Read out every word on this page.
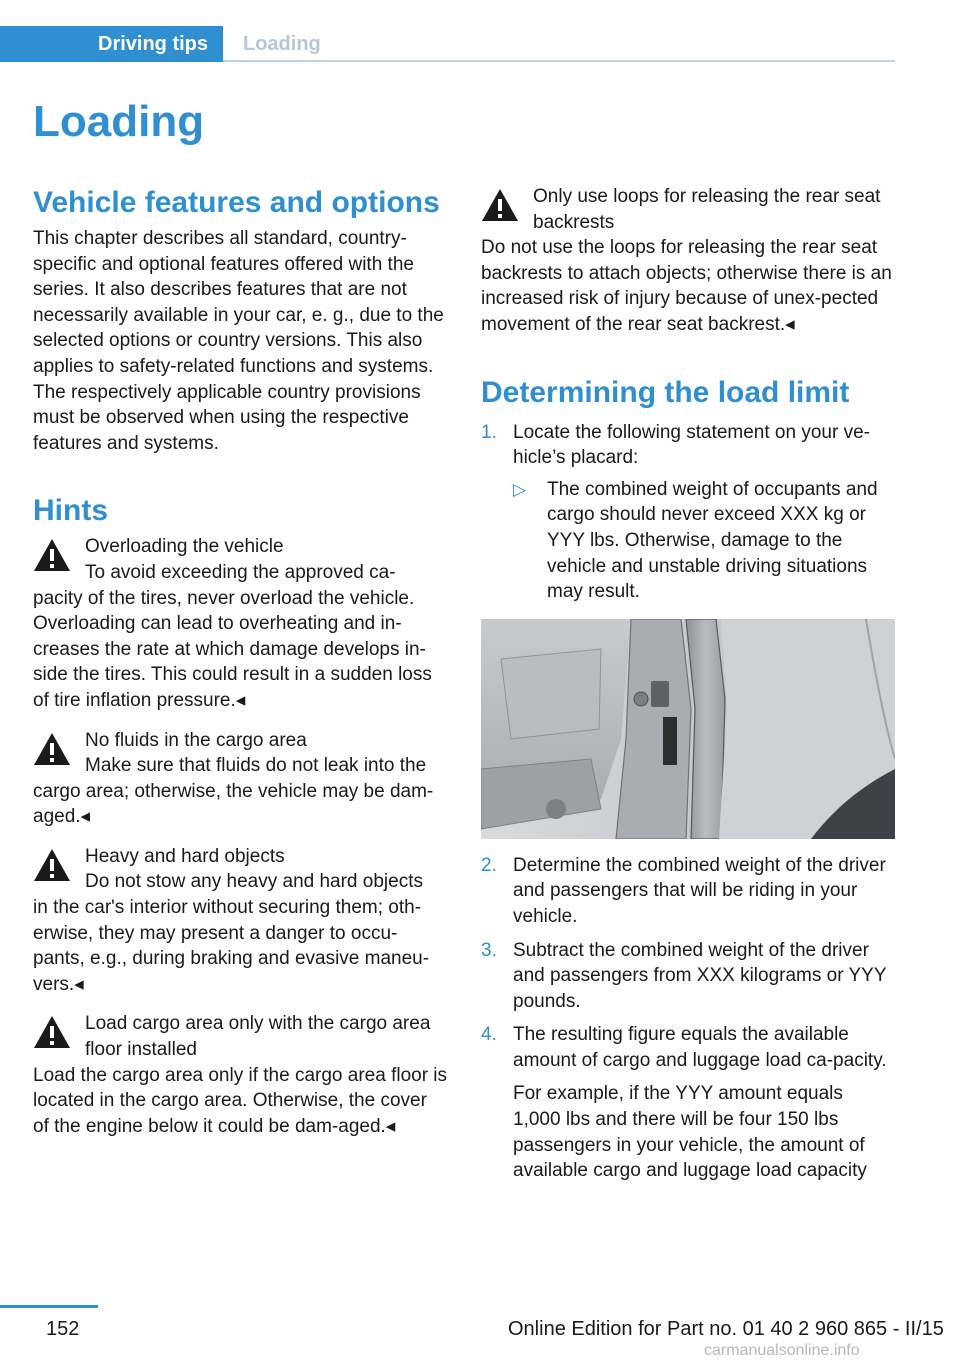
Driving tips	Loading
Loading
Vehicle features and options

This chapter describes all standard, country-specific and optional features offered with the series. It also describes features that are not necessarily available in your car, e. g., due to the selected options or country versions. This also applies to safety-related functions and systems. The respectively applicable country provisions must be observed when using the respective features and systems.

Hints
Overloading the vehicle
To avoid exceeding the approved ca-
pacity of the tires, never overload the vehicle. Overloading can lead to overheating and in-creases the rate at which damage develops in-side the tires. This could result in a sudden loss of tire inflation pressure.◂
No fluids in the cargo area
Make sure that fluids do not leak into the
cargo area; otherwise, the vehicle may be dam-aged.◂
Heavy and hard objects
Do not stow any heavy and hard objects
in the car's interior without securing them; oth-erwise, they may present a danger to occu-pants, e.g., during braking and evasive maneu-vers.◂
Load cargo area only with the cargo area floor installed
Load the cargo area only if the cargo area floor is located in the cargo area. Otherwise, the cover of the engine below it could be dam-aged.◂
Only use loops for releasing the rear seat backrests
Do not use the loops for releasing the rear seat backrests to attach objects; otherwise there is an increased risk of injury because of unex-pected movement of the rear seat backrest.◂
Determining the load limit
1. Locate the following statement on your ve-hicle’s placard:
▷ The combined weight of occupants and cargo should never exceed XXX kg or YYY lbs. Otherwise, damage to the vehicle and unstable driving situations may result.
2. Determine the combined weight of the driver and passengers that will be riding in your vehicle.
3. Subtract the combined weight of the driver and passengers from XXX kilograms or YYY pounds.
4. The resulting figure equals the available amount of cargo and luggage load ca-pacity.

For example, if the YYY amount equals 1,000 lbs and there will be four 150 lbs passengers in your vehicle, the amount of available cargo and luggage load capacity

152	Online Edition for Part no. 01 40 2 960 865 - II/15
carmanualsonline.info
